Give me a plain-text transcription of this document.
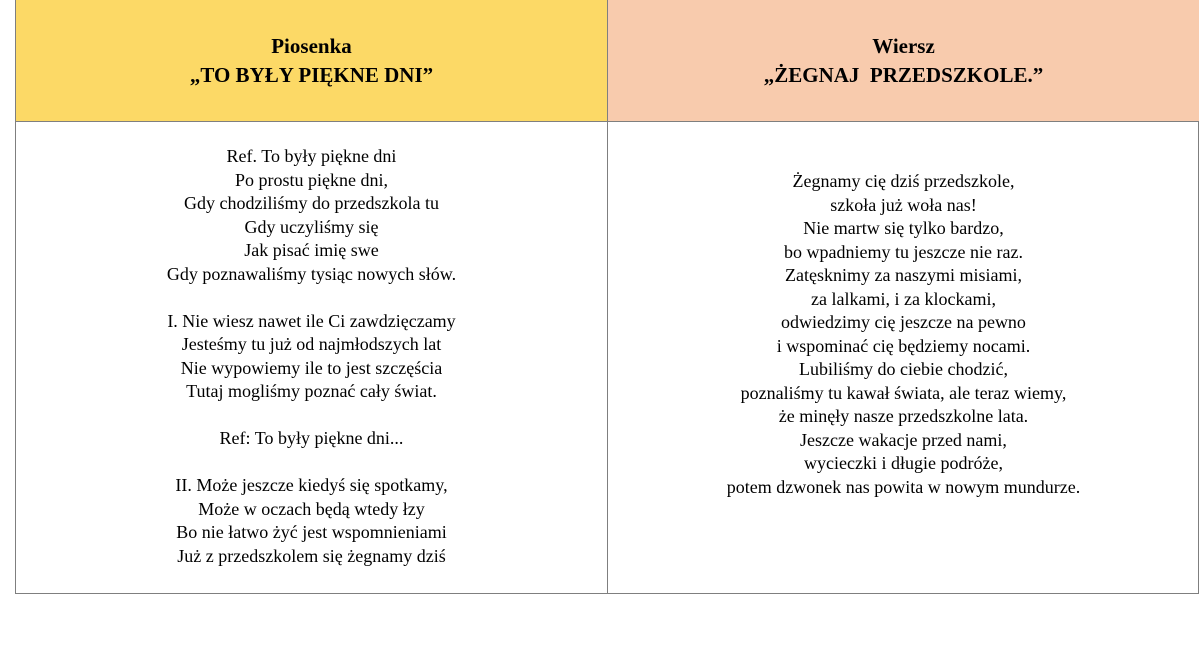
Piosenka
„TO BYŁY PIĘKNE DNI”
Ref. To były piękne dni
Po prostu piękne dni,
Gdy chodziliśmy do przedszkola tu
Gdy uczyliśmy się
Jak pisać imię swe
Gdy poznawaliśmy tysiąc nowych słów.
I. Nie wiesz nawet ile Ci zawdzięczamy
Jesteśmy tu już od najmłodszych lat
Nie wypowiemy ile to jest szczęścia
Tutaj mogliśmy poznać cały świat.
Ref: To były piękne dni...
II. Może jeszcze kiedyś się spotkamy,
Może w oczach będą wtedy łzy
Bo nie łatwo żyć jest wspomnieniami
Już z przedszkolem się żegnamy dziś
Wiersz
„ŻEGNAJ  PRZEDSZKOLE.”
Żegnamy cię dziś przedszkole,
szkoła już woła nas!
Nie martw się tylko bardzo,
bo wpadniemy tu jeszcze nie raz.
Zatęsknimy za naszymi misiami,
za lalkami, i za klockami,
odwiedzimy cię jeszcze na pewno
i wspominać cię będziemy nocami.
Lubiliśmy do ciebie chodzić,
poznaliśmy tu kawał świata, ale teraz wiemy,
że minęły nasze przedszkolne lata.
Jeszcze wakacje przed nami,
wycieczki i długie podróże,
potem dzwonek nas powita w nowym mundurze.
